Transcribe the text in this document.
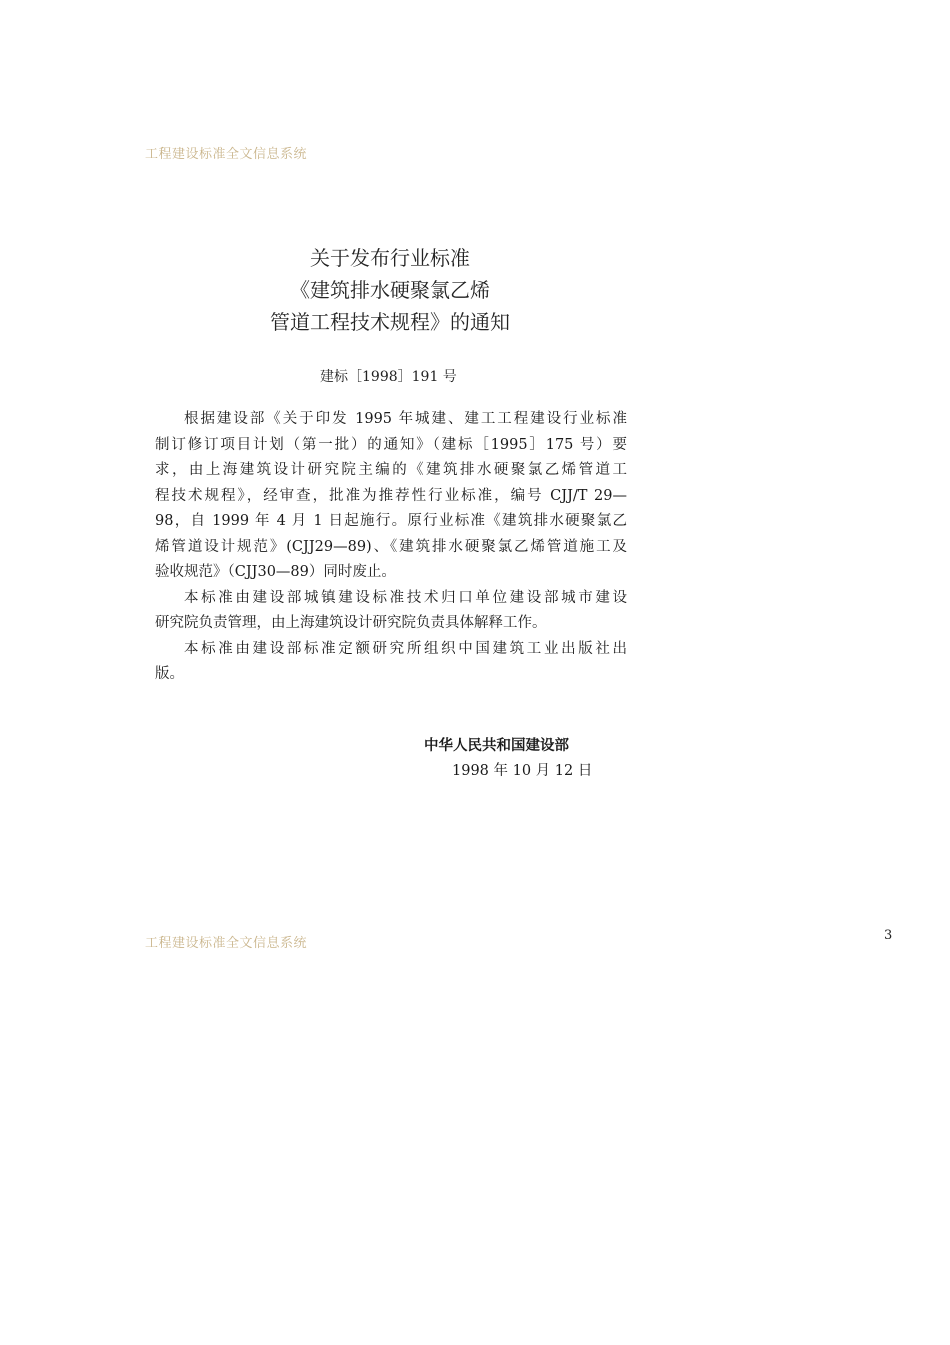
工程建设标准全文信息系统
关于发布行业标准
《建筑排水硬聚氯乙烯
管道工程技术规程》的通知
建标［1998］191 号
根据建设部《关于印发 1995 年城建、建工工程建设行业标准
制订修订项目计划（第一批）的通知》（建标［1995］175 号）要
求，由上海建筑设计研究院主编的《建筑排水硬聚氯乙烯管道工
程技术规程》，经审查，批准为推荐性行业标准，编号 CJJ/T 29—
98，自 1999 年 4 月 1 日起施行。原行业标准《建筑排水硬聚氯乙
烯管道设计规范》(CJJ29—89)、《建筑排水硬聚氯乙烯管道施工及
验收规范》（CJJ30—89）同时废止。
本标准由建设部城镇建设标准技术归口单位建设部城市建设
研究院负责管理，由上海建筑设计研究院负责具体解释工作。
本标准由建设部标准定额研究所组织中国建筑工业出版社出
版。
中华人民共和国建设部
1998 年 10 月 12 日
工程建设标准全文信息系统
3
